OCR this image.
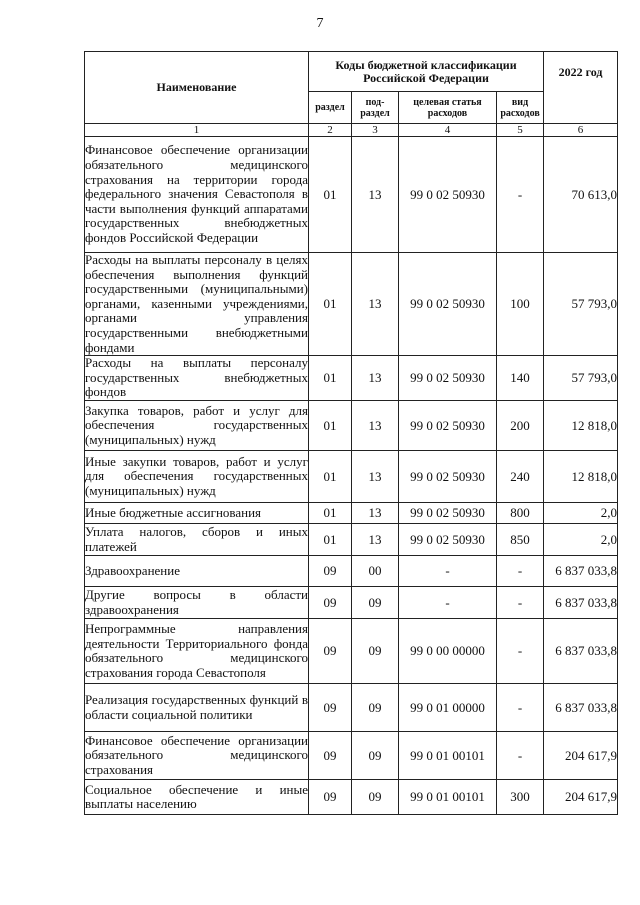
7
Наименование	Коды бюджетной классификации Российской Федерации				2022 год
	раздел	под-раздел	целевая статья расходов	вид расходов	
1	2	3	4	5	6
Финансовое обеспечение организации обязательного медицинского страхования на территории города федерального значения Севастополя в части выполнения функций аппаратами государственных внебюджетных фондов Российской Федерации	01	13	99 0 02 50930	-	70 613,0
Расходы на выплаты персоналу в целях обеспечения выполнения функций государственными (муниципальными) органами, казенными учреждениями, органами управления государственными внебюджетными фондами	01	13	99 0 02 50930	100	57 793,0
Расходы на выплаты персоналу государственных внебюджетных фондов	01	13	99 0 02 50930	140	57 793,0
Закупка товаров, работ и услуг для обеспечения государственных (муниципальных) нужд	01	13	99 0 02 50930	200	12 818,0
Иные закупки товаров, работ и услуг для обеспечения государственных (муниципальных) нужд	01	13	99 0 02 50930	240	12 818,0
Иные бюджетные ассигнования	01	13	99 0 02 50930	800	2,0
Уплата налогов, сборов и иных платежей	01	13	99 0 02 50930	850	2,0
Здравоохранение	09	00	-	-	6 837 033,8
Другие вопросы в области здравоохранения	09	09	-	-	6 837 033,8
Непрограммные направления деятельности Территориального фонда обязательного медицинского страхования города Севастополя	09	09	99 0 00 00000	-	6 837 033,8
Реализация государственных функций в области социальной политики	09	09	99 0 01 00000	-	6 837 033,8
Финансовое обеспечение организации обязательного медицинского страхования	09	09	99 0 01 00101	-	204 617,9
Социальное обеспечение и иные выплаты населению	09	09	99 0 01 00101	300	204 617,9
